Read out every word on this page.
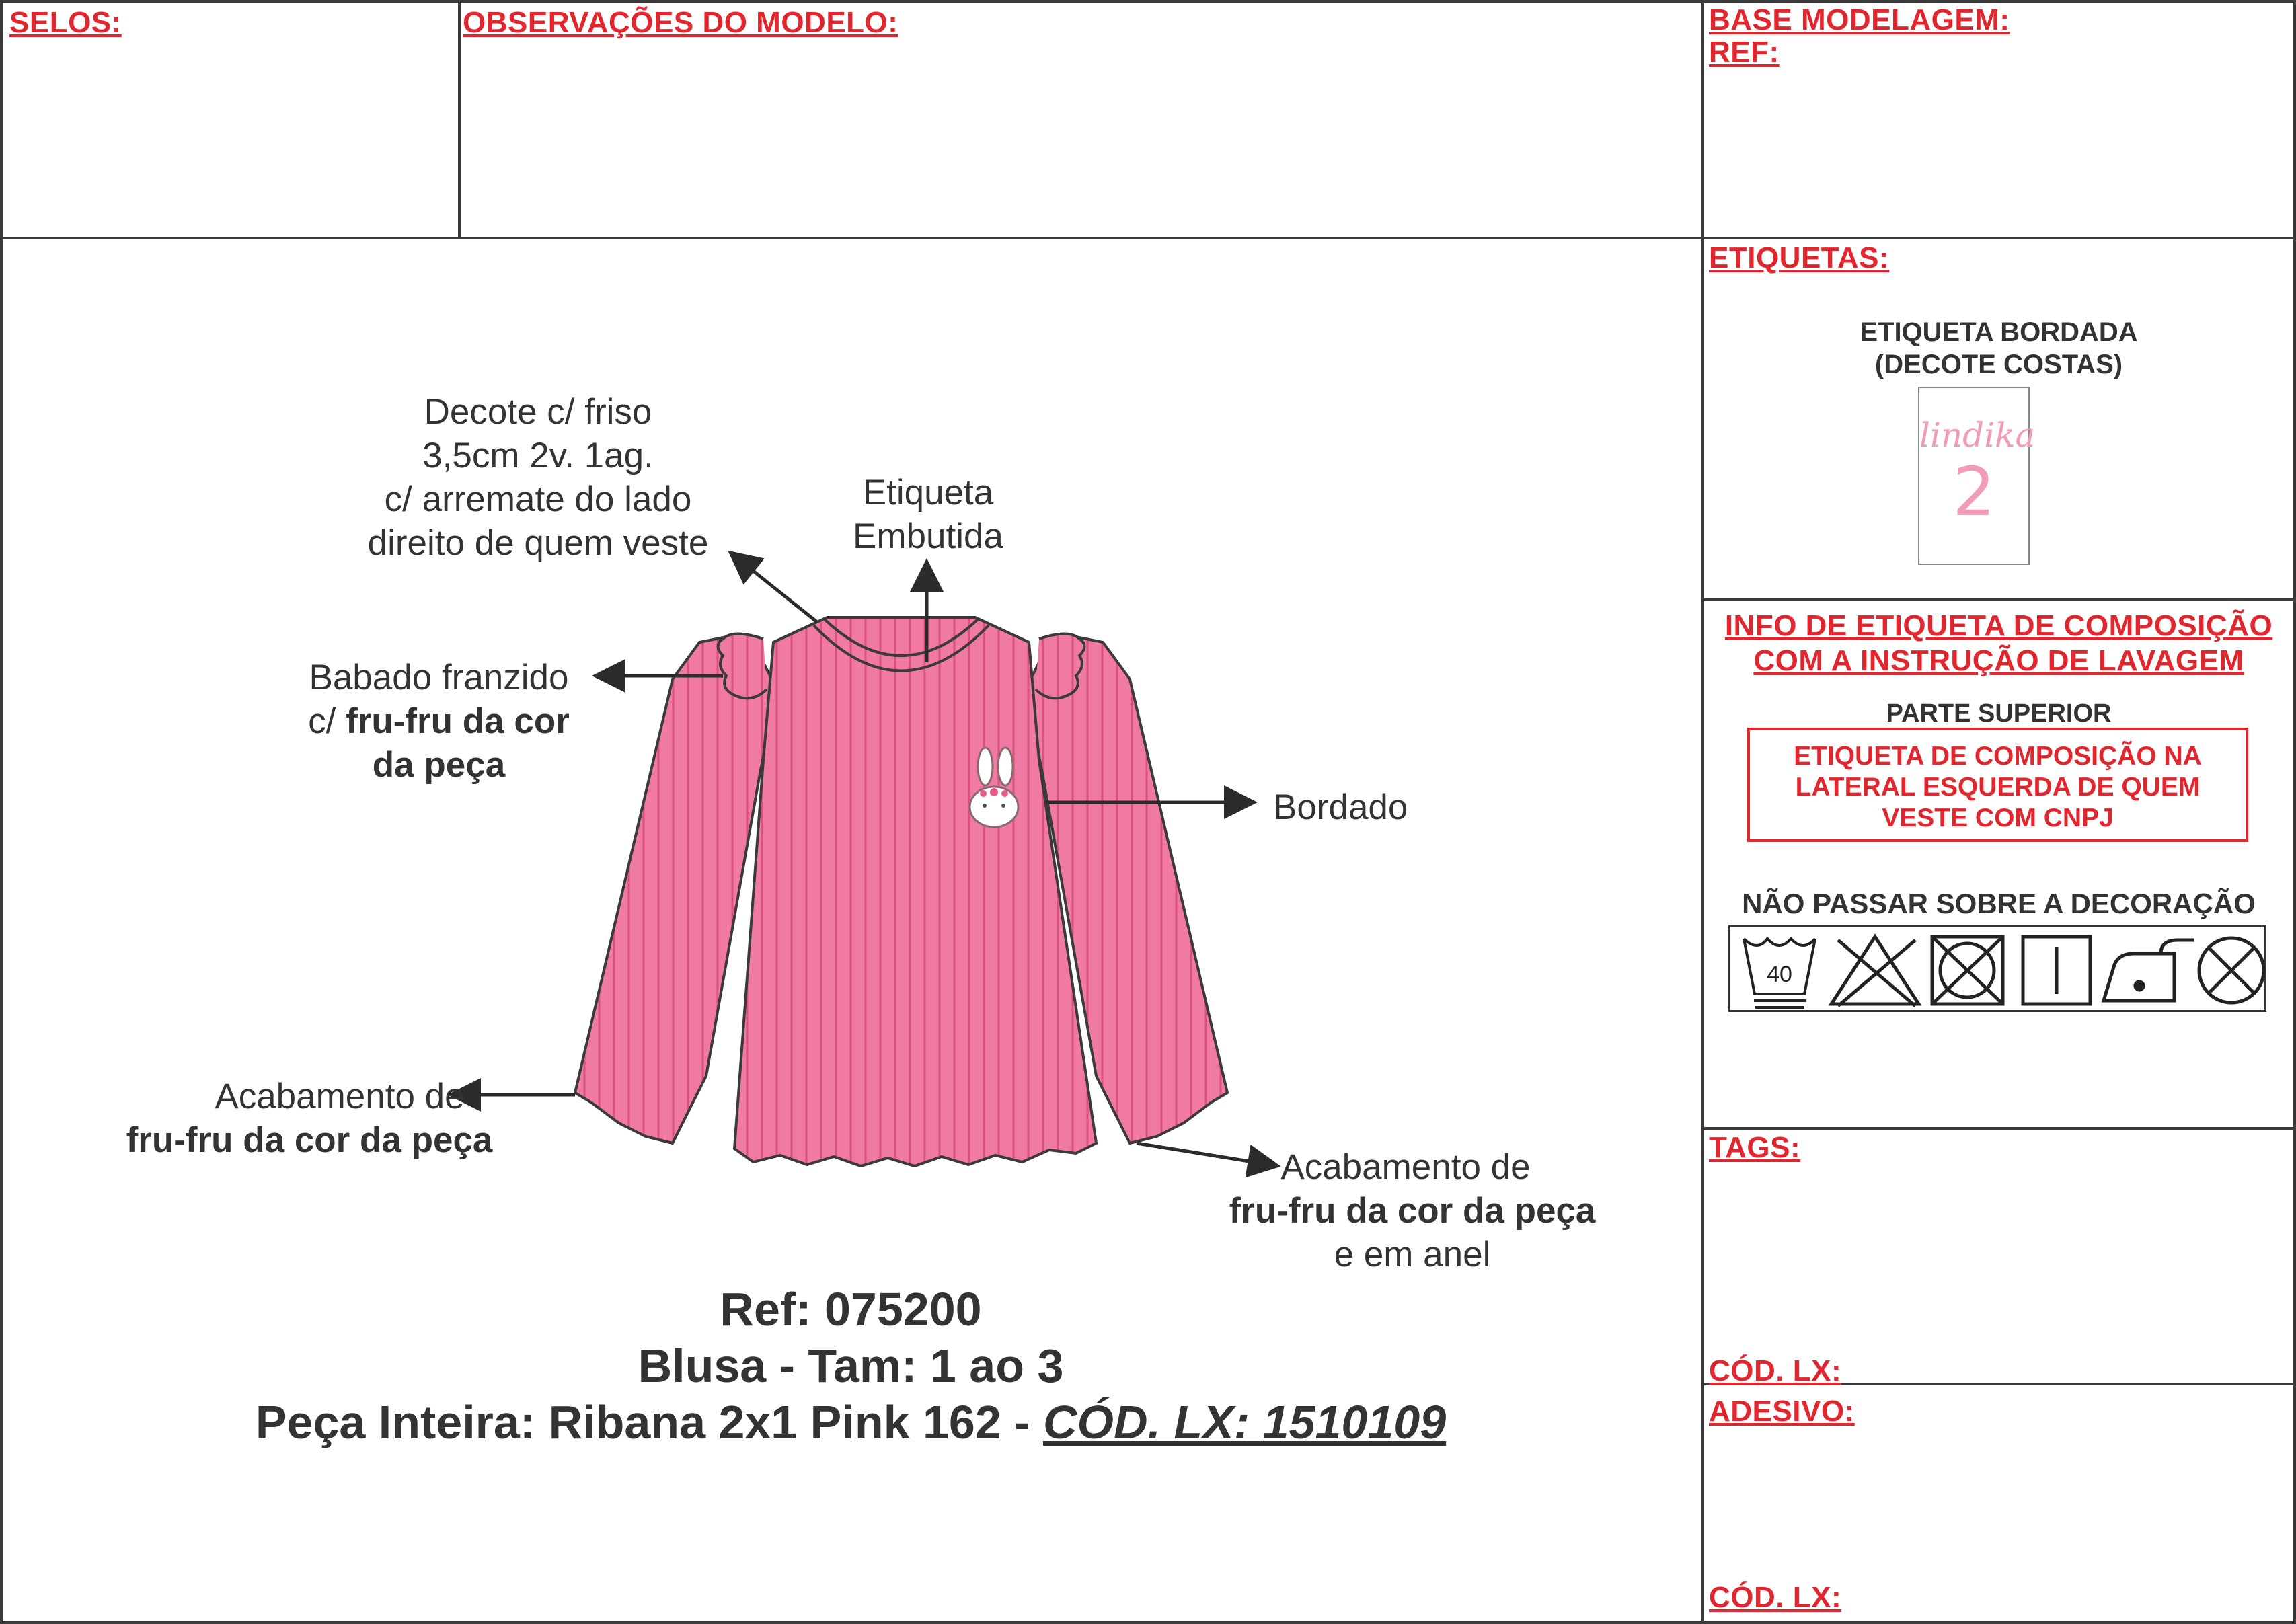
SELOS:	OBSERVAÇÕES DO MODELO:	BASE MODELAGEM:
REF:
Decote c/ friso
3,5cm 2v. 1ag.
c/ arremate do lado
direito de quem veste
Etiqueta
Embutida
Babado franzido
c/ fru-fru da cor
da peça
Bordado
Acabamento de
fru-fru da cor da peça
Acabamento de
fru-fru da cor da peça
e em anel
Ref: 075200
Blusa - Tam: 1 ao 3
Peça Inteira: Ribana 2x1 Pink 162 - CÓD. LX: 1510109
ETIQUETAS:
ETIQUETA BORDADA
(DECOTE COSTAS)
lindika
2
INFO DE ETIQUETA DE COMPOSIÇÃO
COM A INSTRUÇÃO DE LAVAGEM
PARTE SUPERIOR
ETIQUETA DE COMPOSIÇÃO NA
LATERAL ESQUERDA DE QUEM
VESTE COM CNPJ
NÃO PASSAR SOBRE A DECORAÇÃO
40
TAGS:
CÓD. LX:
ADESIVO:
CÓD. LX:
